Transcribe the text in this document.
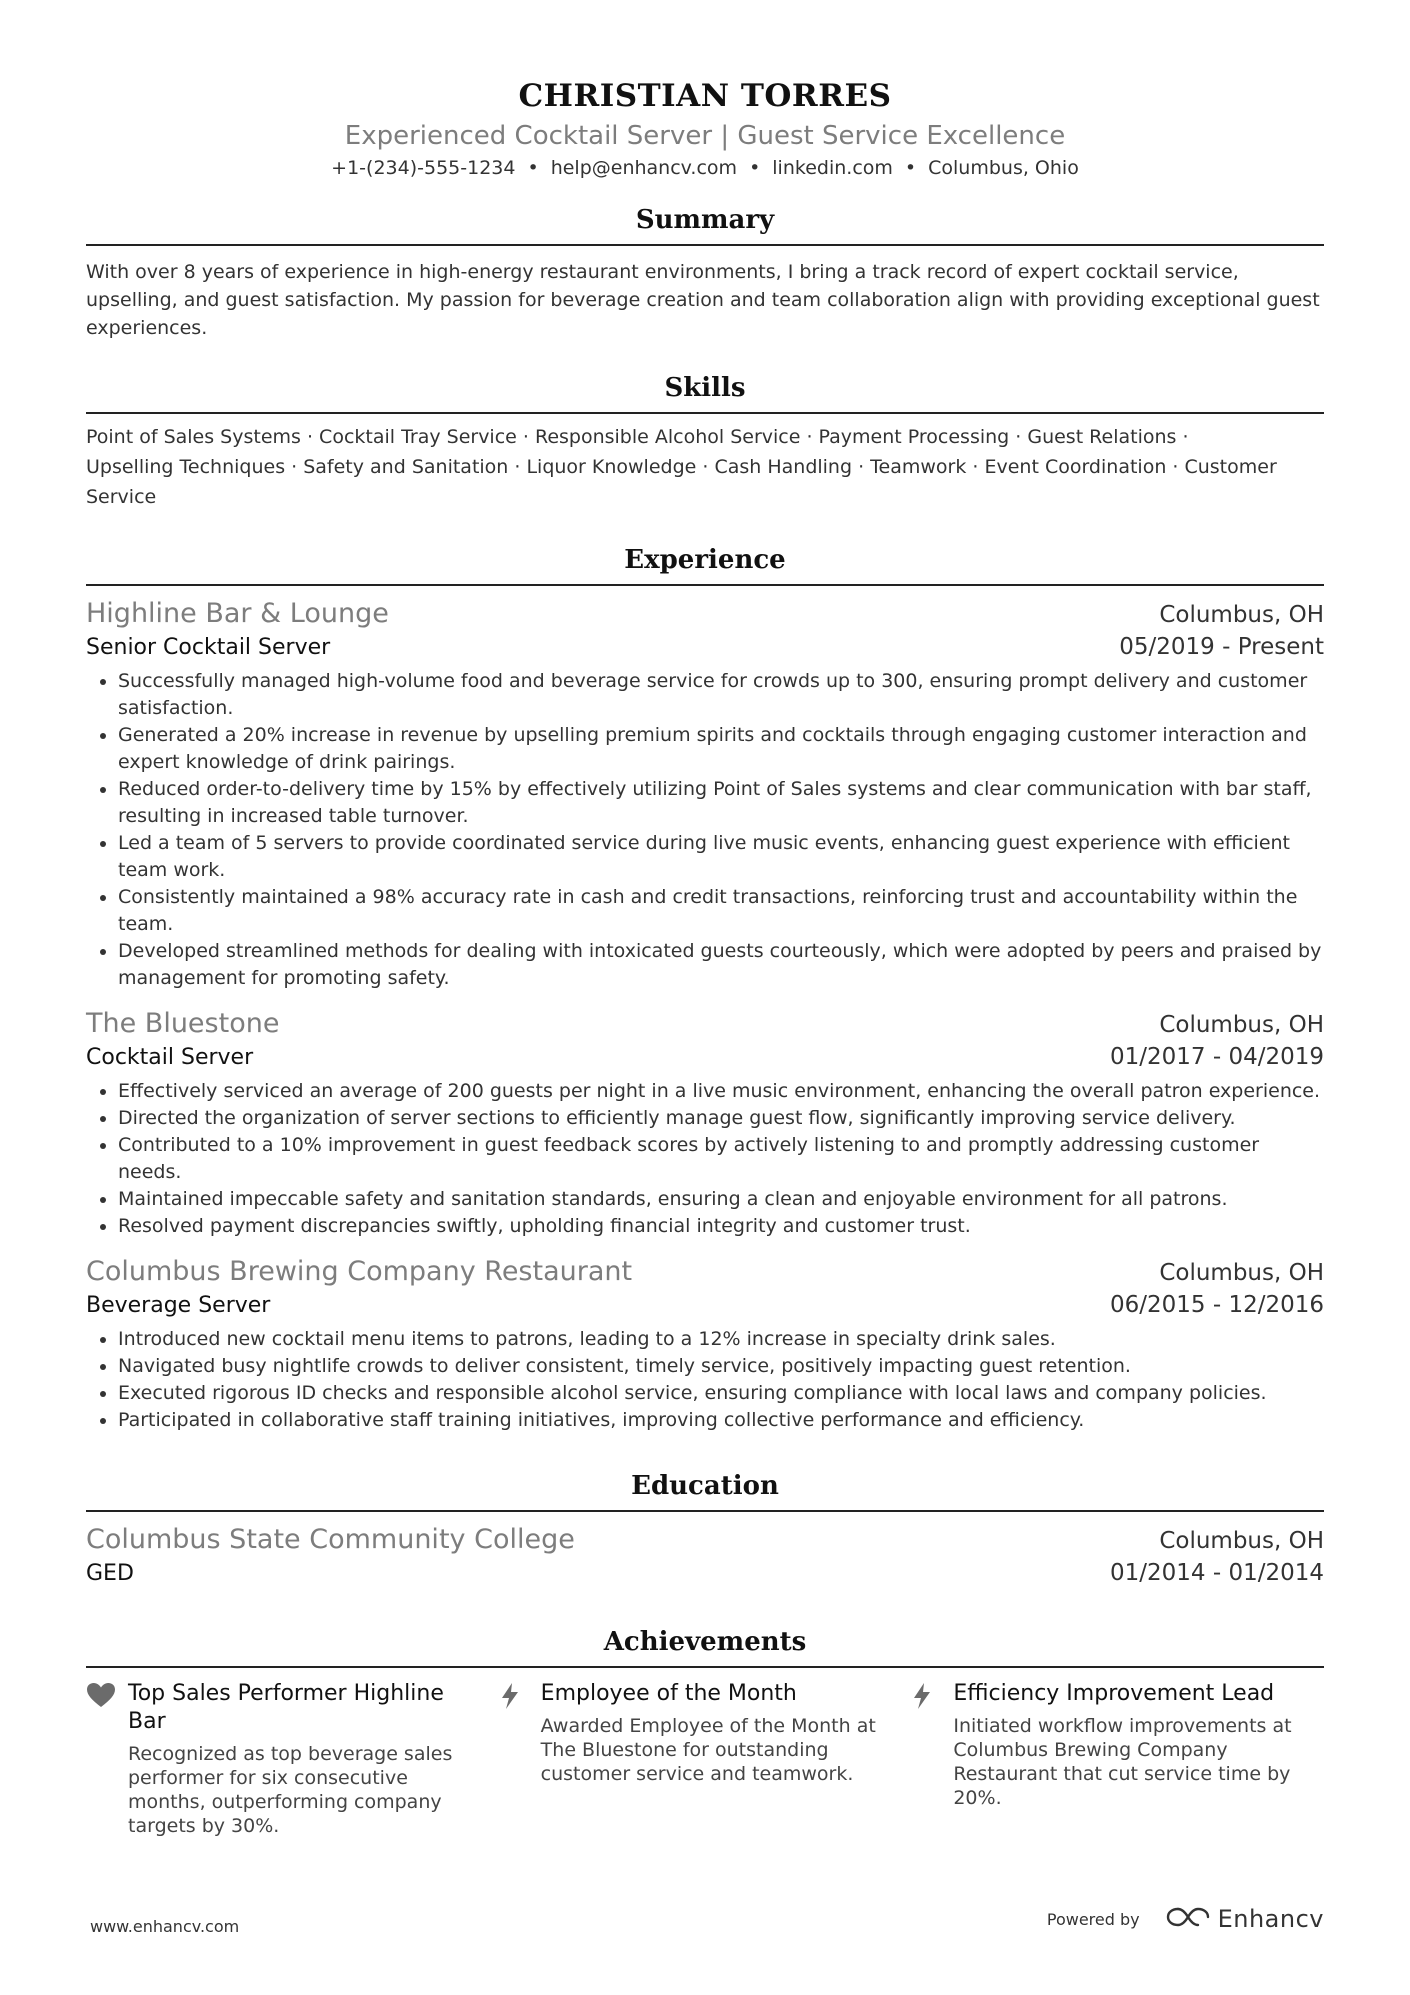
CHRISTIAN TORRES
Experienced Cocktail Server | Guest Service Excellence
+1-(234)-555-1234 • help@enhancv.com • linkedin.com • Columbus, Ohio
Summary
With over 8 years of experience in high-energy restaurant environments, I bring a track record of expert cocktail service, upselling, and guest satisfaction. My passion for beverage creation and team collaboration align with providing exceptional guest experiences.
Skills
Point of Sales Systems · Cocktail Tray Service · Responsible Alcohol Service · Payment Processing · Guest Relations ·
Upselling Techniques · Safety and Sanitation · Liquor Knowledge · Cash Handling · Teamwork · Event Coordination · Customer Service
Experience
Highline Bar & Lounge	Columbus, OH
Senior Cocktail Server	05/2019 - Present
• Successfully managed high-volume food and beverage service for crowds up to 300, ensuring prompt delivery and customer satisfaction.
• Generated a 20% increase in revenue by upselling premium spirits and cocktails through engaging customer interaction and expert knowledge of drink pairings.
• Reduced order-to-delivery time by 15% by effectively utilizing Point of Sales systems and clear communication with bar staff, resulting in increased table turnover.
• Led a team of 5 servers to provide coordinated service during live music events, enhancing guest experience with efficient team work.
• Consistently maintained a 98% accuracy rate in cash and credit transactions, reinforcing trust and accountability within the team.
• Developed streamlined methods for dealing with intoxicated guests courteously, which were adopted by peers and praised by management for promoting safety.
The Bluestone	Columbus, OH
Cocktail Server	01/2017 - 04/2019
• Effectively serviced an average of 200 guests per night in a live music environment, enhancing the overall patron experience.
• Directed the organization of server sections to efficiently manage guest flow, significantly improving service delivery.
• Contributed to a 10% improvement in guest feedback scores by actively listening to and promptly addressing customer needs.
• Maintained impeccable safety and sanitation standards, ensuring a clean and enjoyable environment for all patrons.
• Resolved payment discrepancies swiftly, upholding financial integrity and customer trust.
Columbus Brewing Company Restaurant	Columbus, OH
Beverage Server	06/2015 - 12/2016
• Introduced new cocktail menu items to patrons, leading to a 12% increase in specialty drink sales.
• Navigated busy nightlife crowds to deliver consistent, timely service, positively impacting guest retention.
• Executed rigorous ID checks and responsible alcohol service, ensuring compliance with local laws and company policies.
• Participated in collaborative staff training initiatives, improving collective performance and efficiency.
Education
Columbus State Community College	Columbus, OH
GED	01/2014 - 01/2014
Achievements
Top Sales Performer Highline Bar
Recognized as top beverage sales performer for six consecutive months, outperforming company targets by 30%.
Employee of the Month
Awarded Employee of the Month at The Bluestone for outstanding customer service and teamwork.
Efficiency Improvement Lead
Initiated workflow improvements at Columbus Brewing Company Restaurant that cut service time by 20%.
www.enhancv.com	Powered by	Enhancv
